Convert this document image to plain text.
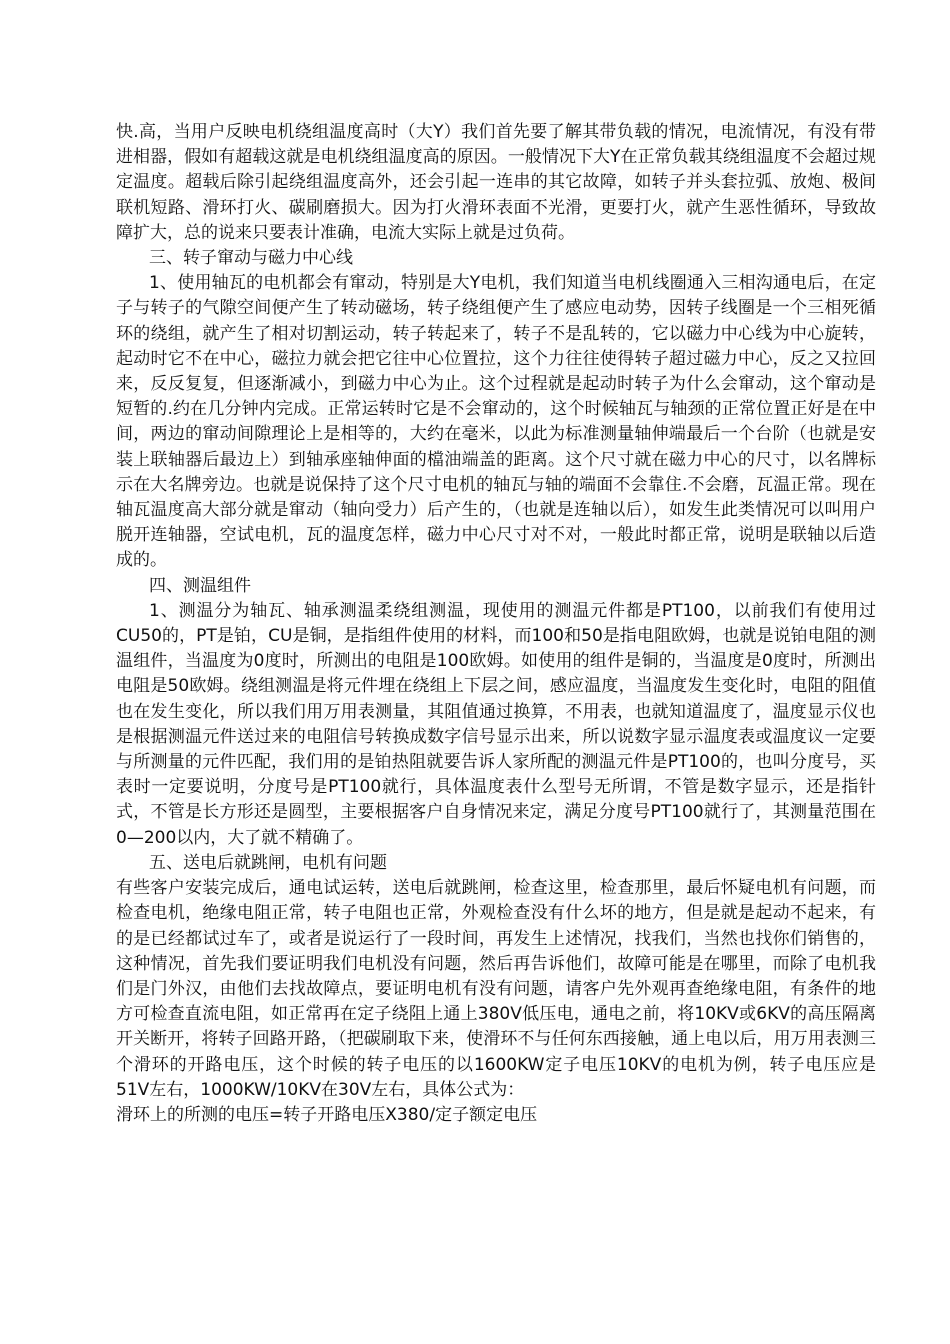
快.高，当用户反映电机绕组温度高时（大Y）我们首先要了解其带负载的情况，电流情况，有没有带进相器，假如有超载这就是电机绕组温度高的原因。一般情况下大Y在正常负载其绕组温度不会超过规定温度。超载后除引起绕组温度高外，还会引起一连串的其它故障，如转子并头套拉弧、放炮、极间联机短路、滑环打火、碳刷磨损大。因为打火滑环表面不光滑，更要打火，就产生恶性循环，导致故障扩大，总的说来只要表计准确，电流大实际上就是过负荷。

三、转子窜动与磁力中心线

1、使用轴瓦的电机都会有窜动，特别是大Y电机，我们知道当电机线圈通入三相沟通电后，在定子与转子的气隙空间便产生了转动磁场，转子绕组便产生了感应电动势，因转子线圈是一个三相死循环的绕组，就产生了相对切割运动，转子转起来了，转子不是乱转的，它以磁力中心线为中心旋转，起动时它不在中心，磁拉力就会把它往中心位置拉，这个力往往使得转子超过磁力中心，反之又拉回来，反反复复，但逐渐减小，到磁力中心为止。这个过程就是起动时转子为什么会窜动，这个窜动是短暂的.约在几分钟内完成。正常运转时它是不会窜动的，这个时候轴瓦与轴颈的正常位置正好是在中间，两边的窜动间隙理论上是相等的，大约在毫米，以此为标准测量轴伸端最后一个台阶（也就是安装上联轴器后最边上）到轴承座轴伸面的檔油端盖的距离。这个尺寸就在磁力中心的尺寸，以名牌标示在大名牌旁边。也就是说保持了这个尺寸电机的轴瓦与轴的端面不会靠住.不会磨，瓦温正常。现在轴瓦温度高大部分就是窜动（轴向受力）后产生的，（也就是连轴以后），如发生此类情况可以叫用户脱开连轴器，空试电机，瓦的温度怎样，磁力中心尺寸对不对，一般此时都正常，说明是联轴以后造成的。

四、测温组件

1、测温分为轴瓦、轴承测温柔绕组测温，现使用的测温元件都是PT100，以前我们有使用过CU50的，PT是铂，CU是铜，是指组件使用的材料，而100和50是指电阻欧姆，也就是说铂电阻的测温组件，当温度为0度时，所测出的电阻是100欧姆。如使用的组件是铜的，当温度是0度时，所测出电阻是50欧姆。绕组测温是将元件埋在绕组上下层之间，感应温度，当温度发生变化时，电阻的阻值也在发生变化，所以我们用万用表测量，其阻值通过换算，不用表，也就知道温度了，温度显示仪也是根据测温元件送过来的电阻信号转换成数字信号显示出来，所以说数字显示温度表或温度议一定要与所测量的元件匹配，我们用的是铂热阻就要告诉人家所配的测温元件是PT100的，也叫分度号，买表时一定要说明，分度号是PT100就行，具体温度表什么型号无所谓，不管是数字显示，还是指针式，不管是长方形还是圆型，主要根据客户自身情况来定，满足分度号PT100就行了，其测量范围在0—200以内，大了就不精确了。

五、送电后就跳闸，电机有问题

有些客户安装完成后，通电试运转，送电后就跳闸，检查这里，检查那里，最后怀疑电机有问题，而检查电机，绝缘电阻正常，转子电阻也正常，外观检查没有什么坏的地方，但是就是起动不起来，有的是已经都试过车了，或者是说运行了一段时间，再发生上述情况，找我们，当然也找你们销售的，这种情况，首先我们要证明我们电机没有问题，然后再告诉他们，故障可能是在哪里，而除了电机我们是门外汉，由他们去找故障点，要证明电机有没有问题，请客户先外观再查绝缘电阻，有条件的地方可检查直流电阻，如正常再在定子绕阻上通上380V低压电，通电之前，将10KV或6KV的高压隔离开关断开，将转子回路开路，（把碳刷取下来，使滑环不与任何东西接触，通上电以后，用万用表测三个滑环的开路电压，这个时候的转子电压的以1600KW定子电压10KV的电机为例，转子电压应是51V左右，1000KW/10KV在30V左右，具体公式为：

滑环上的所测的电压=转子开路电压X380/定子额定电压
